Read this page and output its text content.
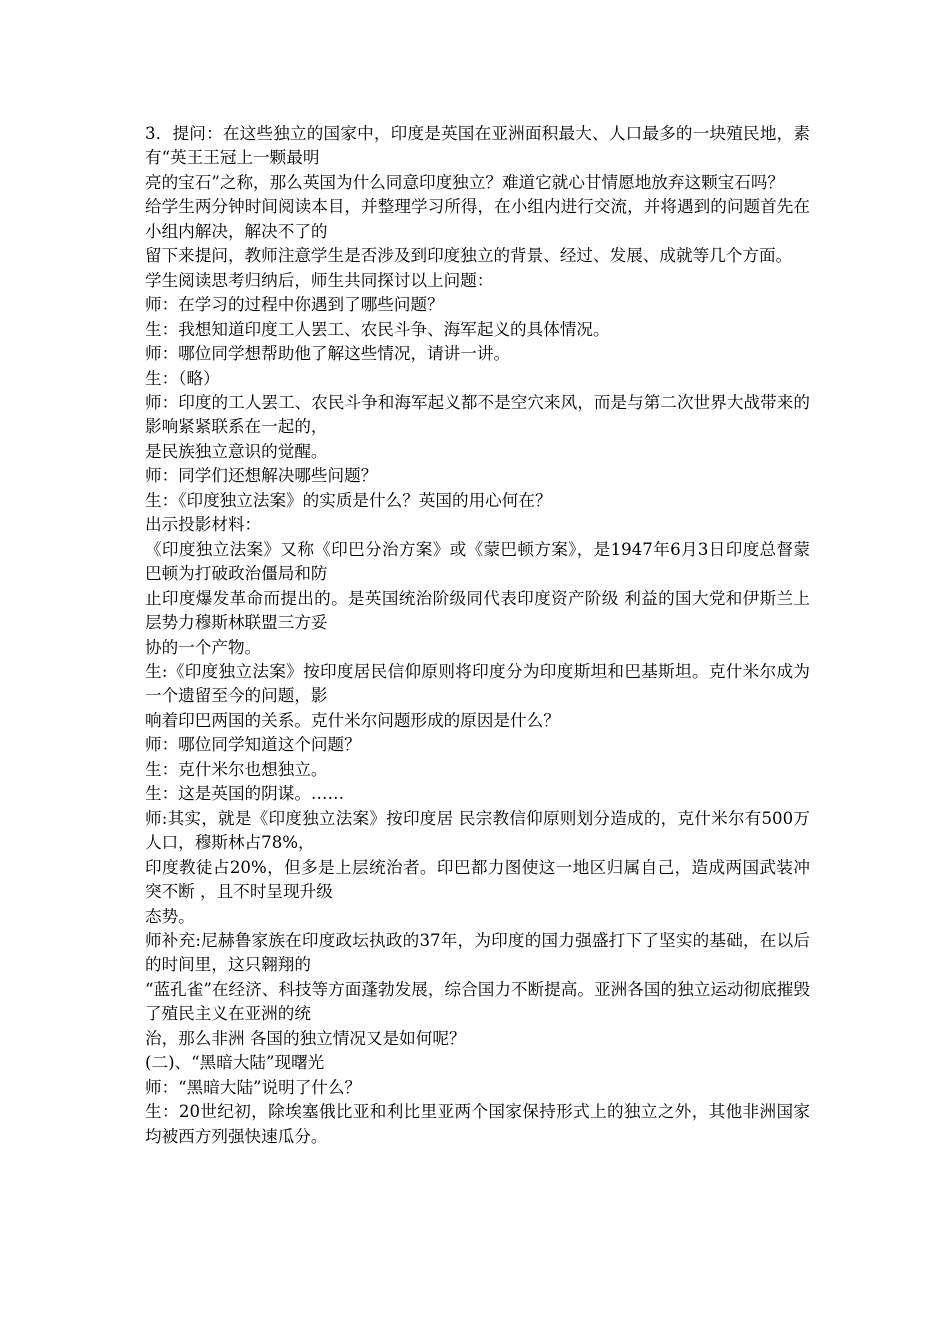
3．提问：在这些独立的国家中，印度是英国在亚洲面积最大、人口最多的一块殖民地，素有“英王王冠上一颗最明

亮的宝石”之称，那么英国为什么同意印度独立？难道它就心甘情愿地放弃这颗宝石吗？

给学生两分钟时间阅读本目，并整理学习所得，在小组内进行交流，并将遇到的问题首先在小组内解决，解决不了的

留下来提问，教师注意学生是否涉及到印度独立的背景、经过、发展、成就等几个方面。

学生阅读思考归纳后，师生共同探讨以上问题：

师：在学习的过程中你遇到了哪些问题？

生：我想知道印度工人罢工、农民斗争、海军起义的具体情况。

师：哪位同学想帮助他了解这些情况，请讲一讲。

生：（略）

师：印度的工人罢工、农民斗争和海军起义都不是空穴来风，而是与第二次世界大战带来的影响紧紧联系在一起的，

是民族独立意识的觉醒。

师：同学们还想解决哪些问题？

生：《印度独立法案》的实质是什么？英国的用心何在？

出示投影材料：

《印度独立法案》又称《印巴分治方案》或《蒙巴顿方案》，是1947年6月3日印度总督蒙巴顿为打破政治僵局和防

止印度爆发革命而提出的。是英国统治阶级同代表印度资产阶级 利益的国大党和伊斯兰上层势力穆斯林联盟三方妥

协的一个产物。

生:《印度独立法案》按印度居民信仰原则将印度分为印度斯坦和巴基斯坦。克什米尔成为一个遗留至今的问题，影

响着印巴两国的关系。克什米尔问题形成的原因是什么？

师：哪位同学知道这个问题？

生：克什米尔也想独立。

生：这是英国的阴谋。……

师:其实，就是《印度独立法案》按印度居 民宗教信仰原则划分造成的，克什米尔有500万人口，穆斯林占78%，

印度教徒占20%，但多是上层统治者。印巴都力图使这一地区归属自己，造成两国武装冲突不断 ，且不时呈现升级

态势。

师补充:尼赫鲁家族在印度政坛执政的37年，为印度的国力强盛打下了坚实的基础，在以后的时间里，这只翱翔的

“蓝孔雀”在经济、科技等方面蓬勃发展，综合国力不断提高。亚洲各国的独立运动彻底摧毁了殖民主义在亚洲的统

治，那么非洲 各国的独立情况又是如何呢？

(二)、“黑暗大陆”现曙光

师：“黑暗大陆”说明了什么？

生：20世纪初，除埃塞俄比亚和利比里亚两个国家保持形式上的独立之外，其他非洲国家均被西方列强快速瓜分。
